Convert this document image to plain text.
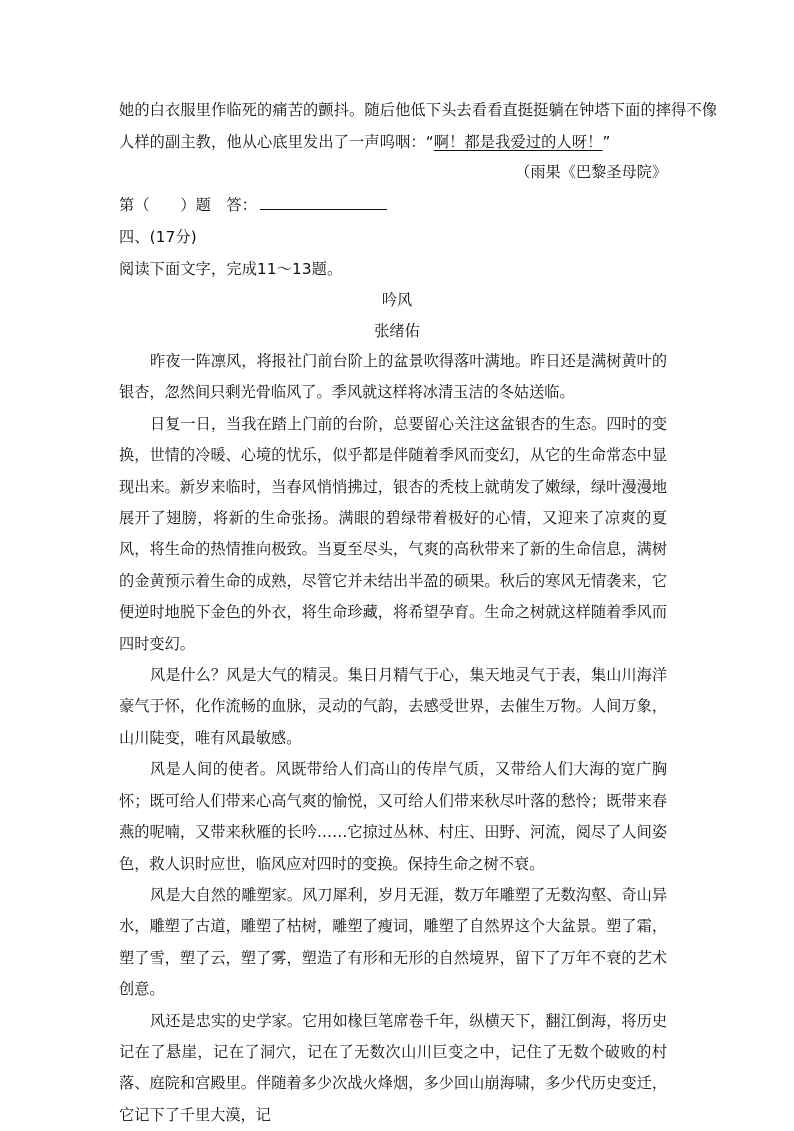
她的白衣服里作临死的痛苦的颤抖。随后他低下头去看看直挺挺躺在钟塔下面的摔得不像
人样的副主教，他从心底里发出了一声呜咽：“啊！都是我爱过的人呀！”
（雨果《巴黎圣母院》
第（　　）题　答：
四、(17分)
阅读下面文字，完成11～13题。
吟风
张绪佑

昨夜一阵凛风，将报社门前台阶上的盆景吹得落叶满地。昨日还是满树黄叶的银杏，忽然间只剩光骨临风了。季风就这样将冰清玉洁的冬姑送临。

日复一日，当我在踏上门前的台阶，总要留心关注这盆银杏的生态。四时的变换，世情的冷暖、心境的忧乐，似乎都是伴随着季风而变幻，从它的生命常态中显现出来。新岁来临时，当春风悄悄拂过，银杏的秃枝上就萌发了嫩绿，绿叶漫漫地展开了翅膀，将新的生命张扬。满眼的碧绿带着极好的心情，又迎来了凉爽的夏风，将生命的热情推向极致。当夏至尽头，气爽的高秋带来了新的生命信息，满树的金黄预示着生命的成熟，尽管它并未结出半盈的硕果。秋后的寒风无情袭来，它便逆时地脱下金色的外衣，将生命珍藏，将希望孕育。生命之树就这样随着季风而四时变幻。

风是什么？风是大气的精灵。集日月精气于心，集天地灵气于表，集山川海洋豪气于怀，化作流畅的血脉，灵动的气韵，去感受世界，去催生万物。人间万象，山川陡变，唯有风最敏感。

风是人间的使者。风既带给人们高山的传岸气质，又带给人们大海的宽广胸怀；既可给人们带来心高气爽的愉悦，又可给人们带来秋尽叶落的愁怜；既带来春燕的呢喃，又带来秋雁的长吟……它掠过丛林、村庄、田野、河流，阅尽了人间姿色，救人识时应世，临风应对四时的变换。保持生命之树不衰。

风是大自然的雕塑家。风刀犀利，岁月无涯，数万年雕塑了无数沟壑、奇山异水，雕塑了古道，雕塑了枯树，雕塑了瘦词，雕塑了自然界这个大盆景。塑了霜，塑了雪，塑了云，塑了雾，塑造了有形和无形的自然境界，留下了万年不衰的艺术创意。

风还是忠实的史学家。它用如椽巨笔席卷千年，纵横天下，翻江倒海，将历史记在了悬崖，记在了洞穴，记在了无数次山川巨变之中，记住了无数个破败的村落、庭院和宫殿里。伴随着多少次战火烽烟，多少回山崩海啸，多少代历史变迁，它记下了千里大漠，记
